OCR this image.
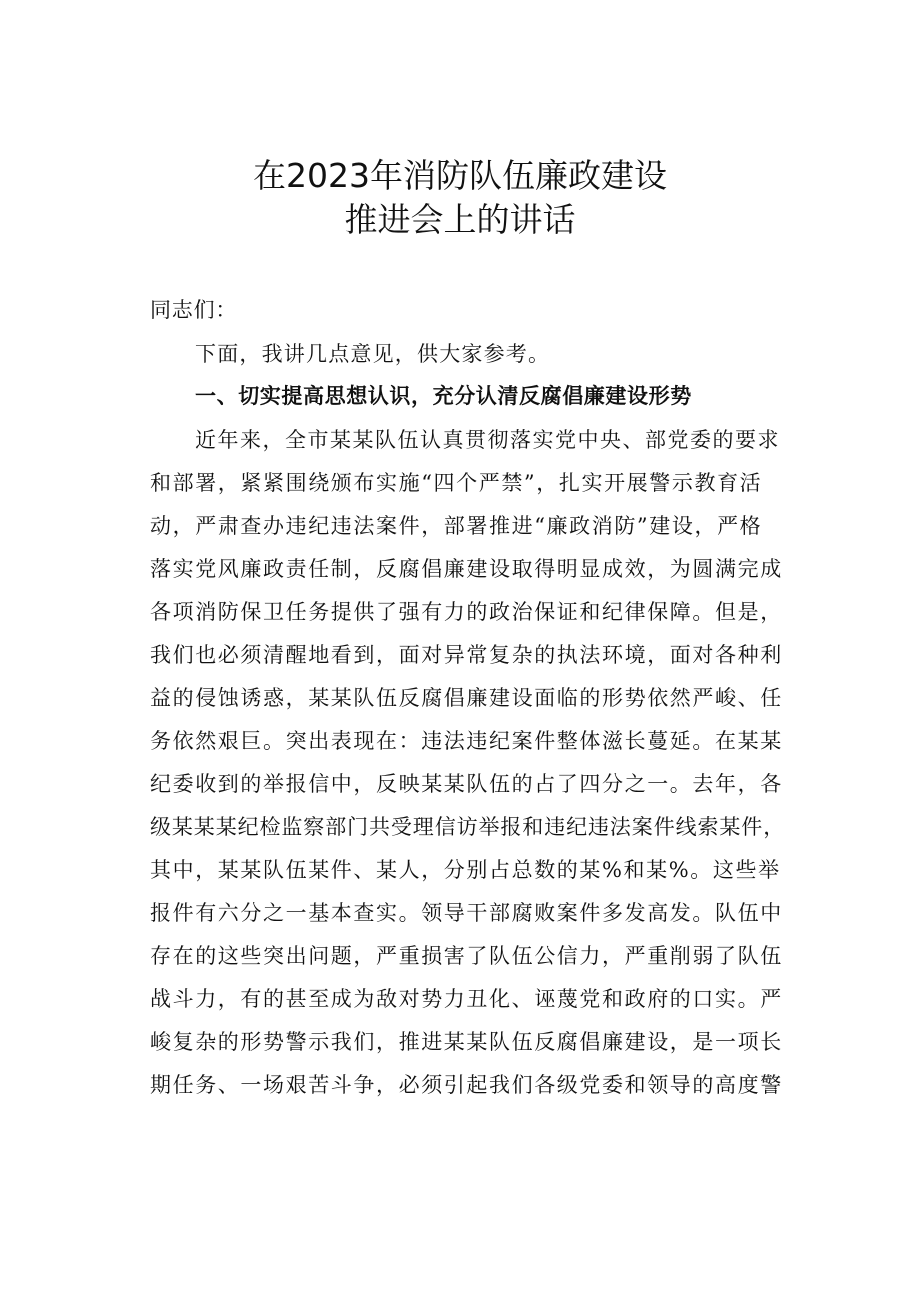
在2023年消防队伍廉政建设
推进会上的讲话

同志们：

下面，我讲几点意见，供大家参考。

一、切实提高思想认识，充分认清反腐倡廉建设形势

近年来，全市某某队伍认真贯彻落实党中央、部党委的要求

和部署，紧紧围绕颁布实施“四个严禁”，扎实开展警示教育活

动，严肃查办违纪违法案件，部署推进“廉政消防”建设，严格

落实党风廉政责任制，反腐倡廉建设取得明显成效，为圆满完成

各项消防保卫任务提供了强有力的政治保证和纪律保障。但是，

我们也必须清醒地看到，面对异常复杂的执法环境，面对各种利

益的侵蚀诱惑，某某队伍反腐倡廉建设面临的形势依然严峻、任

务依然艰巨。突出表现在：违法违纪案件整体滋长蔓延。在某某

纪委收到的举报信中，反映某某队伍的占了四分之一。去年，各

级某某某纪检监察部门共受理信访举报和违纪违法案件线索某件，

其中，某某队伍某件、某人，分别占总数的某%和某%。这些举

报件有六分之一基本查实。领导干部腐败案件多发高发。队伍中

存在的这些突出问题，严重损害了队伍公信力，严重削弱了队伍

战斗力，有的甚至成为敌对势力丑化、诬蔑党和政府的口实。严

峻复杂的形势警示我们，推进某某队伍反腐倡廉建设，是一项长

期任务、一场艰苦斗争，必须引起我们各级党委和领导的高度警
